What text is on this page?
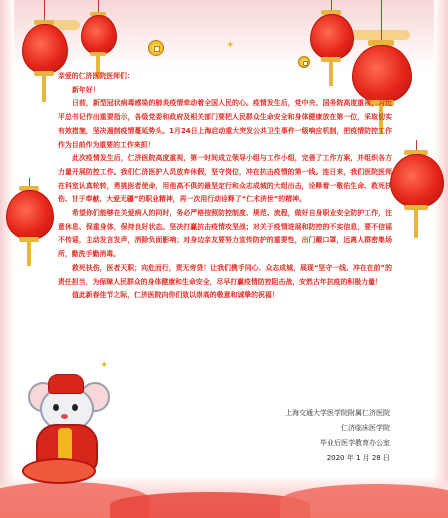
✦
✦

亲爱的仁济医院医师们：

新年好！

日前，新型冠状病毒感染的肺炎疫情牵动着全国人民的心。疫情发生后，党中央、国务院高度重视，习近平总书记作出重要指示，各级党委和政府及相关部门要把人民群众生命安全和身体健康放在第一位，采取切实有效措施，坚决遏制疫情蔓延势头。1月24日上海启动重大突发公共卫生事件一级响应机制，把疫情防控工作作为目前作为重要的工作来抓！

此次疫情发生后，仁济医院高度重视，第一时间成立领导小组与工作小组，完善了工作方案，并组织各方力量开展防控工作。我们仁济医护人员放弃休假，坚守岗位，冲在抗击疫情的第一线。连日来，我们医院医师在科室认真轮转，勇挑医者使命，用他高不俱的最坚定行和众志成城的大组出击，诠释着一敬佑生命、救死扶伤、甘于奉献、大爱无疆”的职业精神，再一次用行动诠释了“仁术济世”的精神。

希望你们能够在关爱病人的同时，务必严格按照防控制度、规范、流程，做好自身职业安全防护工作，注意休息、保重身体，保持良好状态。坚决打赢抗击疫情攻坚战；对关于疫情进展和防控的不实信息，要不信谣不传谣，主动发言发声，消除负面影响；对身边亲友要努力宣传防护的重要性，出门戴口罩，远离人群密集场所，勤洗手勤消毒。

救死扶伤，医者天职；向危而行，责无旁贷！让我们携手同心、众志成城，展现“坚守一线、冲在在前”的责任担当，为保障人民群众的身体健康和生命安全，尽早打赢疫情防控阻击战，安然古年抗疫的积极力量！

值此新春佳节之际，仁济医院向你们致以崇高的敬意和诚挚的祝福！

上海交通大学医学院附属仁济医院
仁济临床医学院
毕业后医学教育办公室
2020 年 1 月 28 日
